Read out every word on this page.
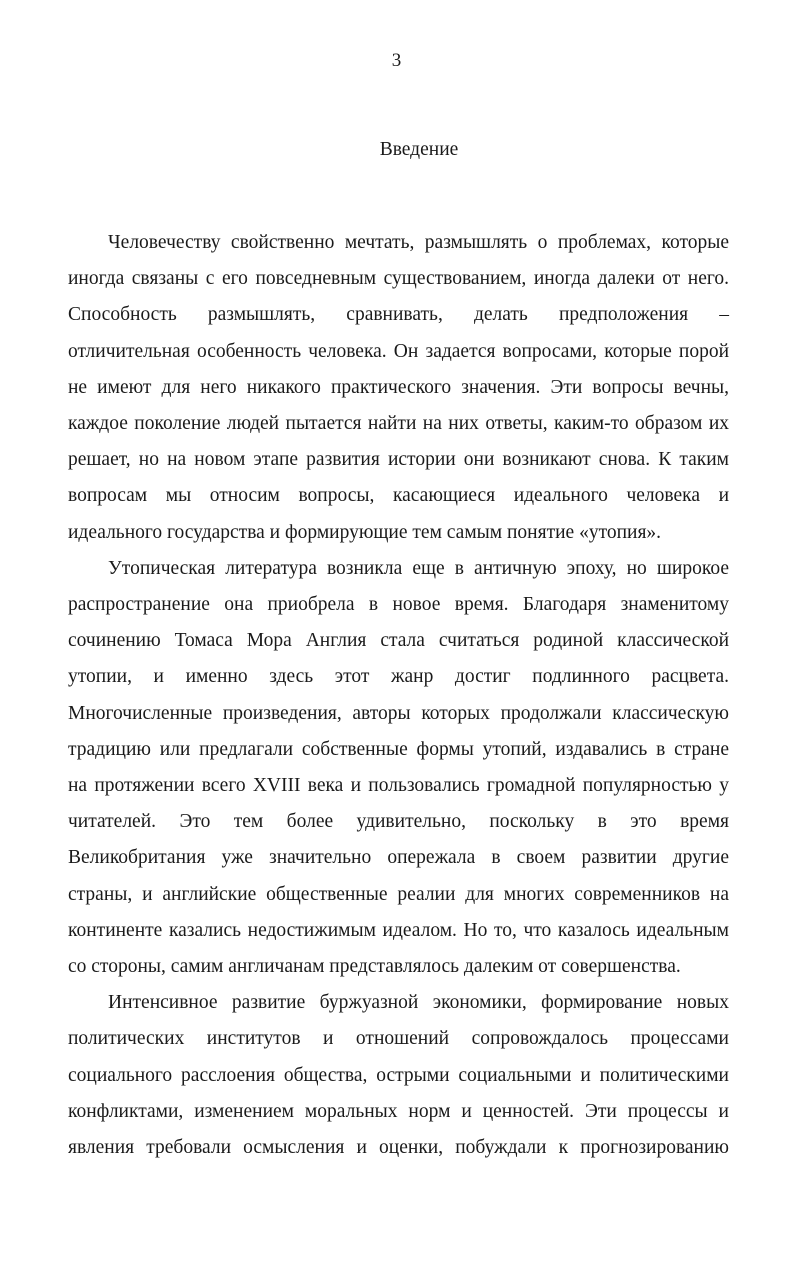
3
Введение
Человечеству свойственно мечтать, размышлять о проблемах, которые
иногда связаны с его повседневным существованием, иногда далеки от него.
Способность размышлять, сравнивать, делать предположения –
отличительная особенность человека. Он задается вопросами, которые порой
не имеют для него никакого практического значения. Эти вопросы вечны,
каждое поколение людей пытается найти на них ответы, каким-то образом их
решает, но на новом этапе развития истории они возникают снова. К таким
вопросам мы относим вопросы, касающиеся идеального человека и
идеального государства и формирующие тем самым понятие «утопия».
Утопическая литература возникла еще в античную эпоху, но широкое
распространение она приобрела в новое время. Благодаря знаменитому
сочинению Томаса Мора Англия стала считаться родиной классической
утопии, и именно здесь этот жанр достиг подлинного расцвета.
Многочисленные произведения, авторы которых продолжали классическую
традицию или предлагали собственные формы утопий, издавались в стране
на протяжении всего XVIII века и пользовались громадной популярностью у
читателей. Это тем более удивительно, поскольку в это время
Великобритания уже значительно опережала в своем развитии другие
страны, и английские общественные реалии для многих современников на
континенте казались недостижимым идеалом. Но то, что казалось идеальным
со стороны, самим англичанам представлялось далеким от совершенства.
Интенсивное развитие буржуазной экономики, формирование новых
политических институтов и отношений сопровождалось процессами
социального расслоения общества, острыми социальными и политическими
конфликтами, изменением моральных норм и ценностей. Эти процессы и
явления требовали осмысления и оценки, побуждали к прогнозированию
